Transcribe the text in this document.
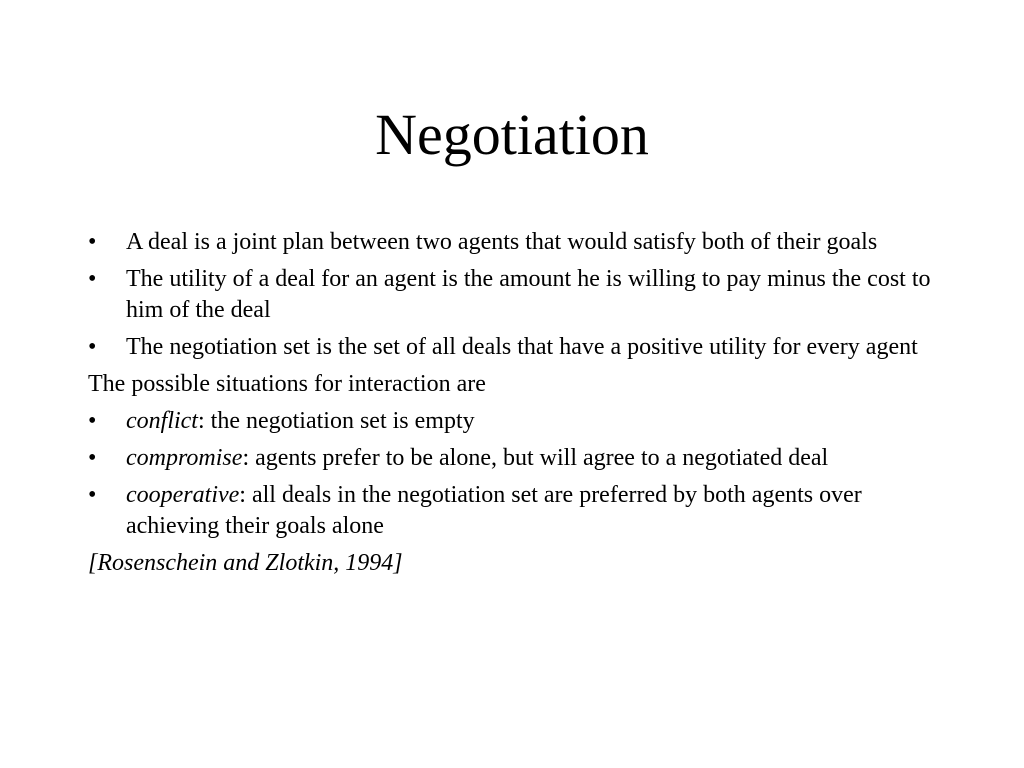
Negotiation
• A deal is a joint plan between two agents that would satisfy both of their goals
• The utility of a deal for an agent is the amount he is willing to pay minus the cost to him of the deal
• The negotiation set is the set of all deals that have a positive utility for every agent
The possible situations for interaction are
• conflict: the negotiation set is empty
• compromise: agents prefer to be alone, but will agree to a negotiated deal
• cooperative: all deals in the negotiation set are preferred by both agents over achieving their goals alone
[Rosenschein and Zlotkin, 1994]
